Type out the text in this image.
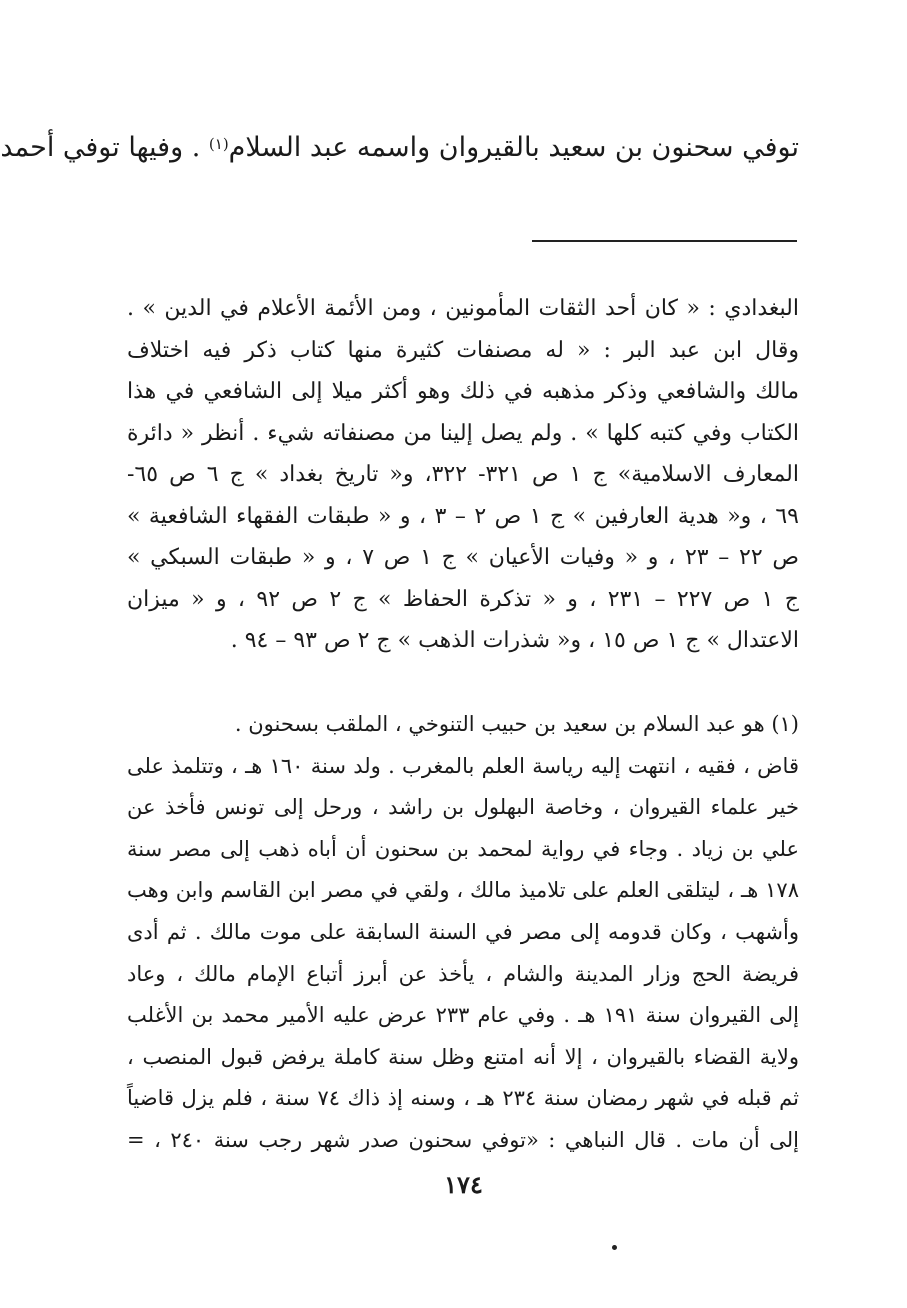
توفي سحنون بن سعيد بالقيروان واسمه عبد السلام$^{(١)}$ . وفيها توفي أحمد
البغدادي : « كان أحد الثقات المأمونين ، ومن الأئمة الأعلام في الدين » .
وقال ابن عبد البر : « له مصنفات كثيرة منها كتاب ذكر فيه اختلاف
مالك والشافعي وذكر مذهبه في ذلك وهو أكثر ميلا إلى الشافعي في هذا
الكتاب وفي كتبه كلها » . ولم يصل إلينا من مصنفاته شيء . أنظر « دائرة
المعارف الاسلامية» ج ١ ص ٣٢١- ٣٢٢، و« تاريخ بغداد » ج ٦ ص ٦٥-
٦٩ ، و« هدية العارفين » ج ١ ص ٢ – ٣ ، و « طبقات الفقهاء الشافعية »
ص ٢٢ – ٢٣ ، و « وفيات الأعيان » ج ١ ص ٧ ، و « طبقات السبكي »
ج ١ ص ٢٢٧ – ٢٣١ ، و « تذكرة الحفاظ » ج ٢ ص ٩٢ ، و « ميزان
الاعتدال » ج ١ ص ١٥ ، و« شذرات الذهب » ج ٢ ص ٩٣ – ٩٤ .
(١) هو عبد السلام بن سعيد بن حبيب التنوخي ، الملقب بسحنون .
قاض ، فقيه ، انتهت إليه رياسة العلم بالمغرب . ولد سنة ١٦٠ هـ ، وتتلمذ على
خير علماء القيروان ، وخاصة البهلول بن راشد ، ورحل إلى تونس فأخذ عن
علي بن زياد . وجاء في رواية لمحمد بن سحنون أن أباه ذهب إلى مصر سنة
١٧٨ هـ ، ليتلقى العلم على تلاميذ مالك ، ولقي في مصر ابن القاسم وابن وهب
وأشهب ، وكان قدومه إلى مصر في السنة السابقة على موت مالك . ثم أدى
فريضة الحج وزار المدينة والشام ، يأخذ عن أبرز أتباع الإمام مالك ، وعاد
إلى القيروان سنة ١٩١ هـ . وفي عام ٢٣٣ عرض عليه الأمير محمد بن الأغلب
ولاية القضاء بالقيروان ، إلا أنه امتنع وظل سنة كاملة يرفض قبول المنصب ،
ثم قبله في شهر رمضان سنة ٢٣٤ هـ ، وسنه إذ ذاك ٧٤ سنة ، فلم يزل قاضياً
إلى أن مات . قال النباهي : «توفي سحنون صدر شهر رجب سنة ٢٤٠ ، =
١٧٤
